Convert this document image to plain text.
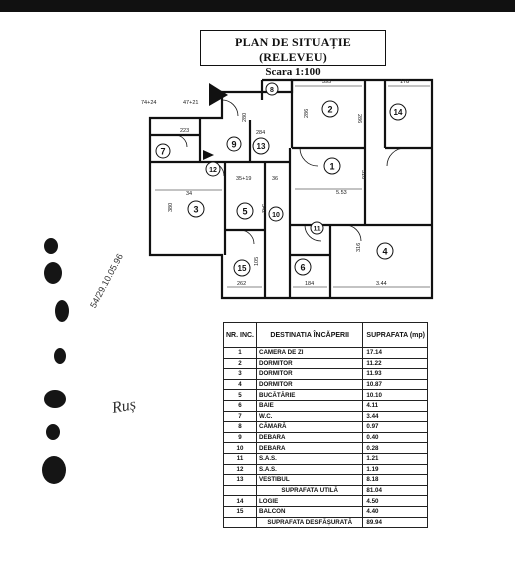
PLAN DE SITUAȚIE (RELEVEU)
Scara 1:100
1
2
3
4
5
6
7
8
9
10
11
12
13
14
15
395	178
286
286
284
223
280
5.53
310
34
380
35+19
342
36
262	184	3.44
316
105
74+24	47+21
54/29.10.05.96
Ruș
NR. INC.	DESTINATIA ÎNCĂPERII	SUPRAFATA (mp)
1	CAMERA DE ZI	17.14
2	DORMITOR	11.22
3	DORMITOR	11.93
4	DORMITOR	10.87
5	BUCĂTĂRIE	10.10
6	BAIE	4.11
7	W.C.	3.44
8	CĂMARĂ	0.97
9	DEBARA	0.40
10	DEBARA	0.28
11	S.A.S.	1.21
12	S.A.S.	1.19
13	VESTIBUL	8.18
	SUPRAFATA UTILĂ	81.04
14	LOGIE	4.50
15	BALCON	4.40
	SUPRAFATA DESFĂȘURATĂ	89.94
